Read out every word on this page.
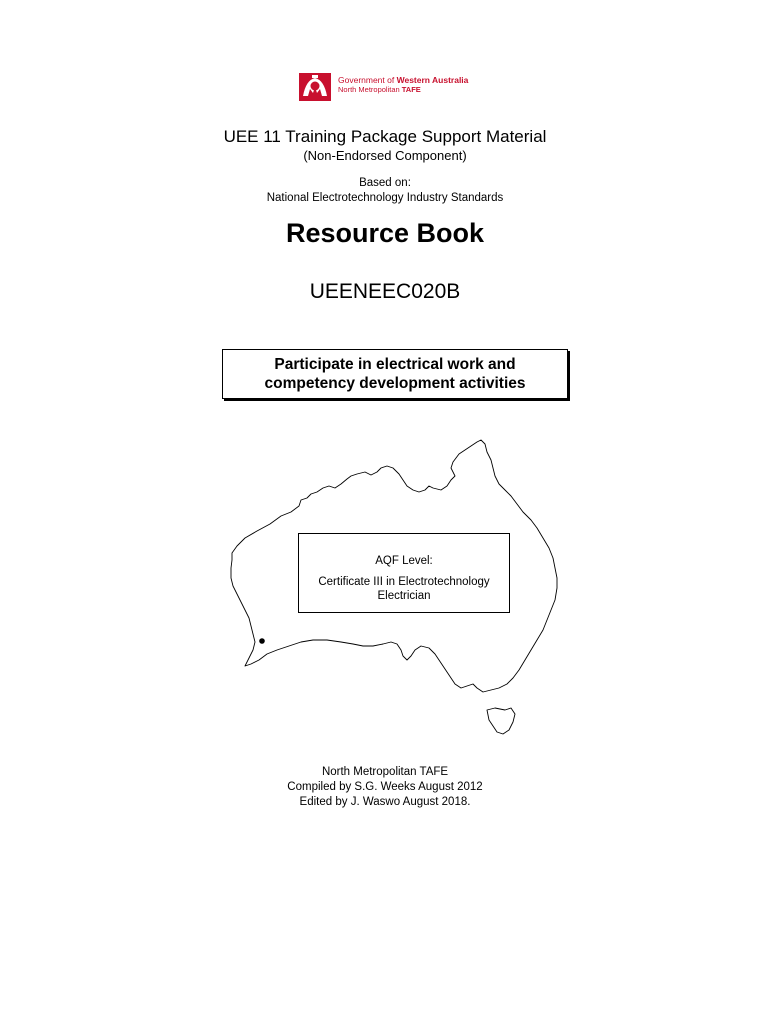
Government of Western Australia
North Metropolitan TAFE
UEE 11 Training Package Support Material
(Non-Endorsed Component)
Based on:
National Electrotechnology Industry Standards
Resource Book
UEENEEC020B
Participate in electrical work and
competency development activities
AQF Level:
Certificate III in Electrotechnology
Electrician
North Metropolitan TAFE
Compiled by S.G. Weeks August 2012
Edited by J. Waswo August 2018.
